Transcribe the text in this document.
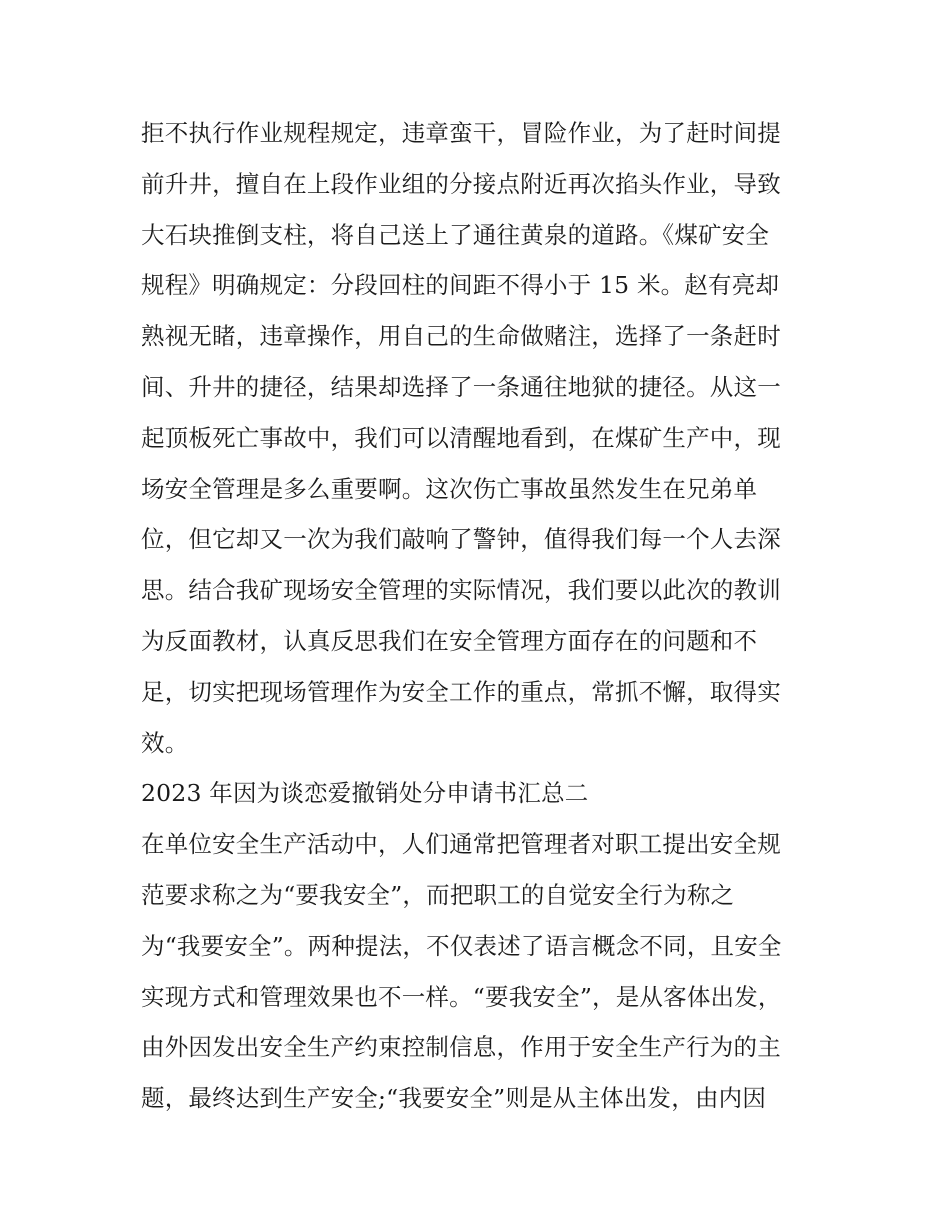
拒不执行作业规程规定，违章蛮干，冒险作业，为了赶时间提
前升井，擅自在上段作业组的分接点附近再次掐头作业，导致
大石块推倒支柱，将自己送上了通往黄泉的道路。《煤矿安全
规程》明确规定：分段回柱的间距不得小于 15 米。赵有亮却
熟视无睹，违章操作，用自己的生命做赌注，选择了一条赶时
间、升井的捷径，结果却选择了一条通往地狱的捷径。从这一
起顶板死亡事故中，我们可以清醒地看到，在煤矿生产中，现
场安全管理是多么重要啊。这次伤亡事故虽然发生在兄弟单
位，但它却又一次为我们敲响了警钟，值得我们每一个人去深
思。结合我矿现场安全管理的实际情况，我们要以此次的教训
为反面教材，认真反思我们在安全管理方面存在的问题和不
足，切实把现场管理作为安全工作的重点，常抓不懈，取得实
效。
2023 年因为谈恋爱撤销处分申请书汇总二
在单位安全生产活动中，人们通常把管理者对职工提出安全规
范要求称之为“要我安全”，而把职工的自觉安全行为称之
为“我要安全”。两种提法，不仅表述了语言概念不同，且安全
实现方式和管理效果也不一样。“要我安全”，是从客体出发，
由外因发出安全生产约束控制信息，作用于安全生产行为的主
题，最终达到生产安全;“我要安全”则是从主体出发，由内因
